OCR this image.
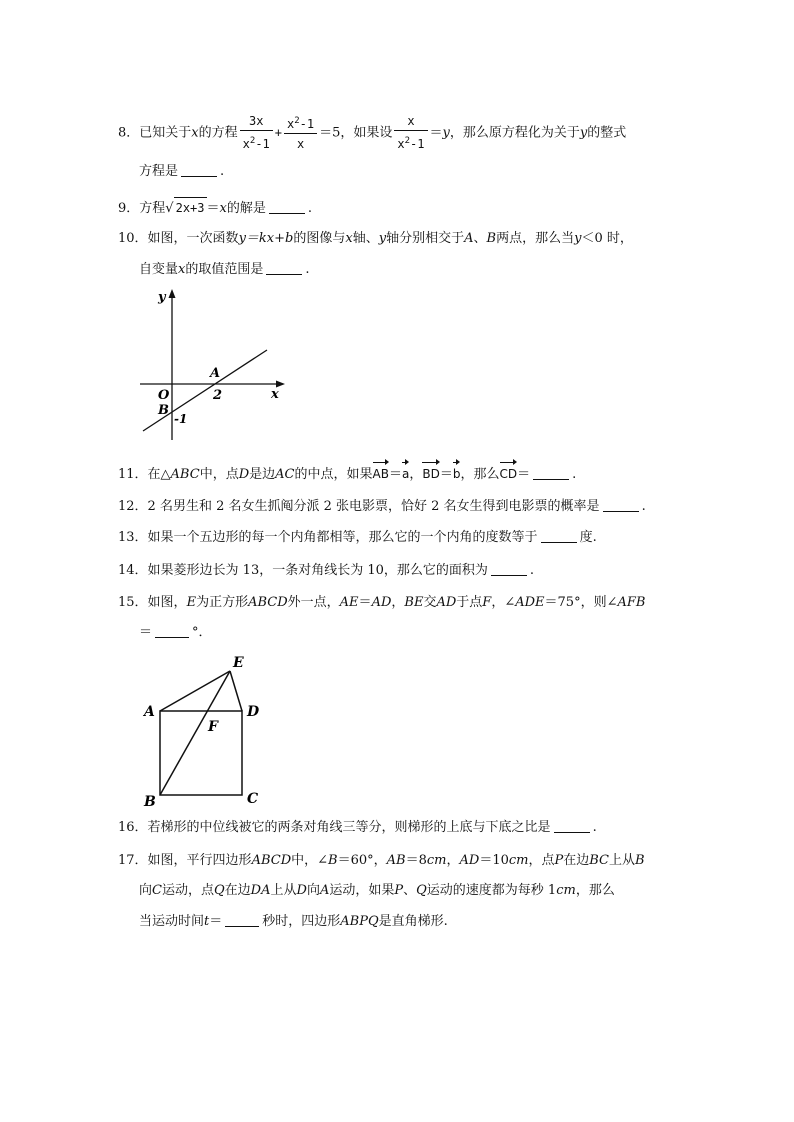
8．已知关于x的方程 $\frac{3x}{x^2-1} + \frac{x^2-1}{x} =5$，如果设 $\frac{x}{x^2-1} =y$，那么原方程化为关于y的整式
方程是	.
9．方程√ 2x+3 ＝x的解是	.
10．如图，一次函数y＝kx+b的图像与x轴、y轴分别相交于A、B两点，那么当y＜0 时，
自变量x的取值范围是	.
y
x
A
O	2
B
-1
11．在△ABC中，点D是边AC的中点，如果AB＝a，BD＝b，那么CD＝	.
12．2 名男生和 2 名女生抓阄分派 2 张电影票，恰好 2 名女生得到电影票的概率是	.
13．如果一个五边形的每一个内角都相等，那么它的一个内角的度数等于	度.
14．如果菱形边长为 13，一条对角线长为 10，那么它的面积为	.
15．如图，E为正方形ABCD外一点，AE＝AD，BE交AD于点F，∠ADE＝75°，则∠AFB
＝	°．
E
A	D
F
B	C
16．若梯形的中位线被它的两条对角线三等分，则梯形的上底与下底之比是	.
17．如图，平行四边形ABCD中，∠B＝60°，AB＝8cm，AD＝10cm，点P在边BC上从B
向C运动，点Q在边DA上从D向A运动，如果P、Q运动的速度都为每秒 1cm，那么
当运动时间t＝	秒时，四边形ABPQ是直角梯形.
